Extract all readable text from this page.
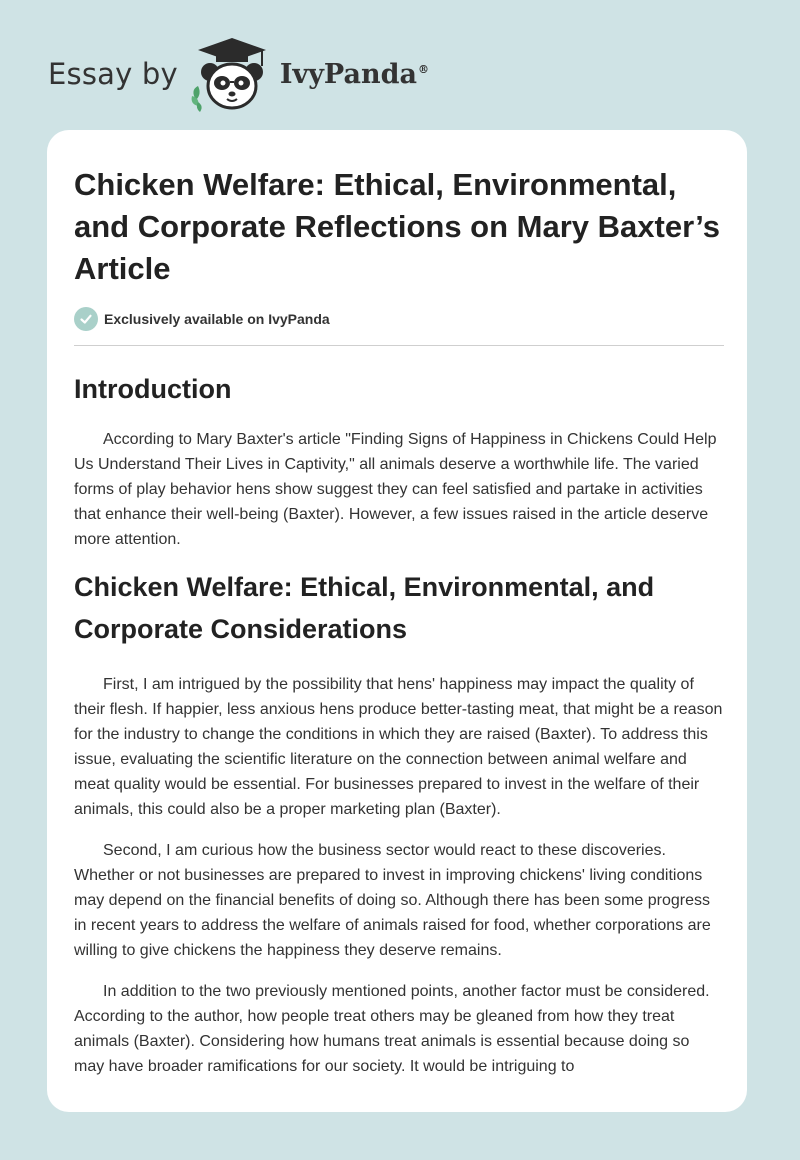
Essay by	IvyPanda®
Chicken Welfare: Ethical, Environmental, and Corporate Reflections on Mary Baxter’s Article
Exclusively available on IvyPanda
Introduction

According to Mary Baxter's article "Finding Signs of Happiness in Chickens Could Help Us Understand Their Lives in Captivity," all animals deserve a worthwhile life. The varied forms of play behavior hens show suggest they can feel satisfied and partake in activities that enhance their well-being (Baxter). However, a few issues raised in the article deserve more attention.

Chicken Welfare: Ethical, Environmental, and Corporate Considerations

First, I am intrigued by the possibility that hens' happiness may impact the quality of their flesh. If happier, less anxious hens produce better-tasting meat, that might be a reason for the industry to change the conditions in which they are raised (Baxter). To address this issue, evaluating the scientific literature on the connection between animal welfare and meat quality would be essential. For businesses prepared to invest in the welfare of their animals, this could also be a proper marketing plan (Baxter).

Second, I am curious how the business sector would react to these discoveries. Whether or not businesses are prepared to invest in improving chickens' living conditions may depend on the financial benefits of doing so. Although there has been some progress in recent years to address the welfare of animals raised for food, whether corporations are willing to give chickens the happiness they deserve remains.

In addition to the two previously mentioned points, another factor must be considered. According to the author, how people treat others may be gleaned from how they treat animals (Baxter). Considering how humans treat animals is essential because doing so may have broader ramifications for our society. It would be intriguing to
